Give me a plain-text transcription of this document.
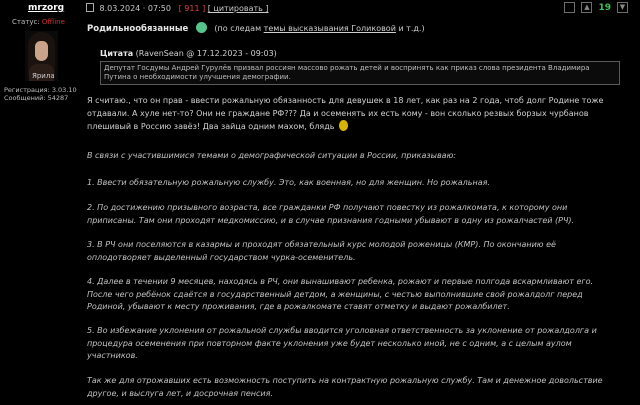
mrzorg	8.03.2024 · 07:50 [ 911 ] [ цитировать ]	▲ 19	▼
Статус: Offline
Ярила
Регистрация: 3.03.10
Сообщений: 54287
Родильнообязанные	(по следам темы высказывания Голиковой и т.д.)
Цитата (RavenSean @ 17.12.2023 - 09:03)
Депутат Госдумы Андрей Гурулёв призвал россиян массово рожать детей и воспринять как приказ слова президента Владимира Путина о необходимости улучшения демографии.
Я считаю., что он прав - ввести рожальную обязанность для девушек в 18 лет, как раз на 2 года, чтоб долг Родине тоже отдавали. А хуле нет-то? Они не граждане РФ??? Да и осеменять их есть кому - вон сколько резвых борзых чурбанов плешивый в Россию завёз! Два зайца одним махом, блядь
В связи с участившимися темами о демографической ситуации в России, приказываю:
1. Ввести обязательную рожальную службу. Это, как военная, но для женщин. Но рожальная.
2. По достижению призывного возраста, все гражданки РФ получают повестку из рожалкомата, к которому они приписаны. Там они проходят медкомиссию, и в случае признания годными убывают в одну из рожалчастей (РЧ).
3. В РЧ они поселяются в казармы и проходят обязательный курс молодой роженицы (КМР). По окончанию её оплодотворяет выделенный государством чурка-осеменитель.
4. Далее в течении 9 месяцев, находясь в РЧ, они вынашивают ребенка, рожают и первые полгода вскармливают его. После чего ребёнок сдаётся в государственный детдом, а женщины, с честью выполнившие свой рожалдолг перед Родиной, убывают к месту проживания, где в рожалкомате ставят отметку и выдают рожалбилет.
5. Во избежание уклонения от рожальной службы вводится уголовная ответственность за уклонение от рожалдолга и процедура осеменения при повторном факте уклонения уже будет несколько иной, не с одним, а с целым аулом участников.
Так же для отрожавших есть возможность поступить на контрактную рожальную службу. Там и денежное довольствие другое, и выслуга лет, и досрочная пенсия.
